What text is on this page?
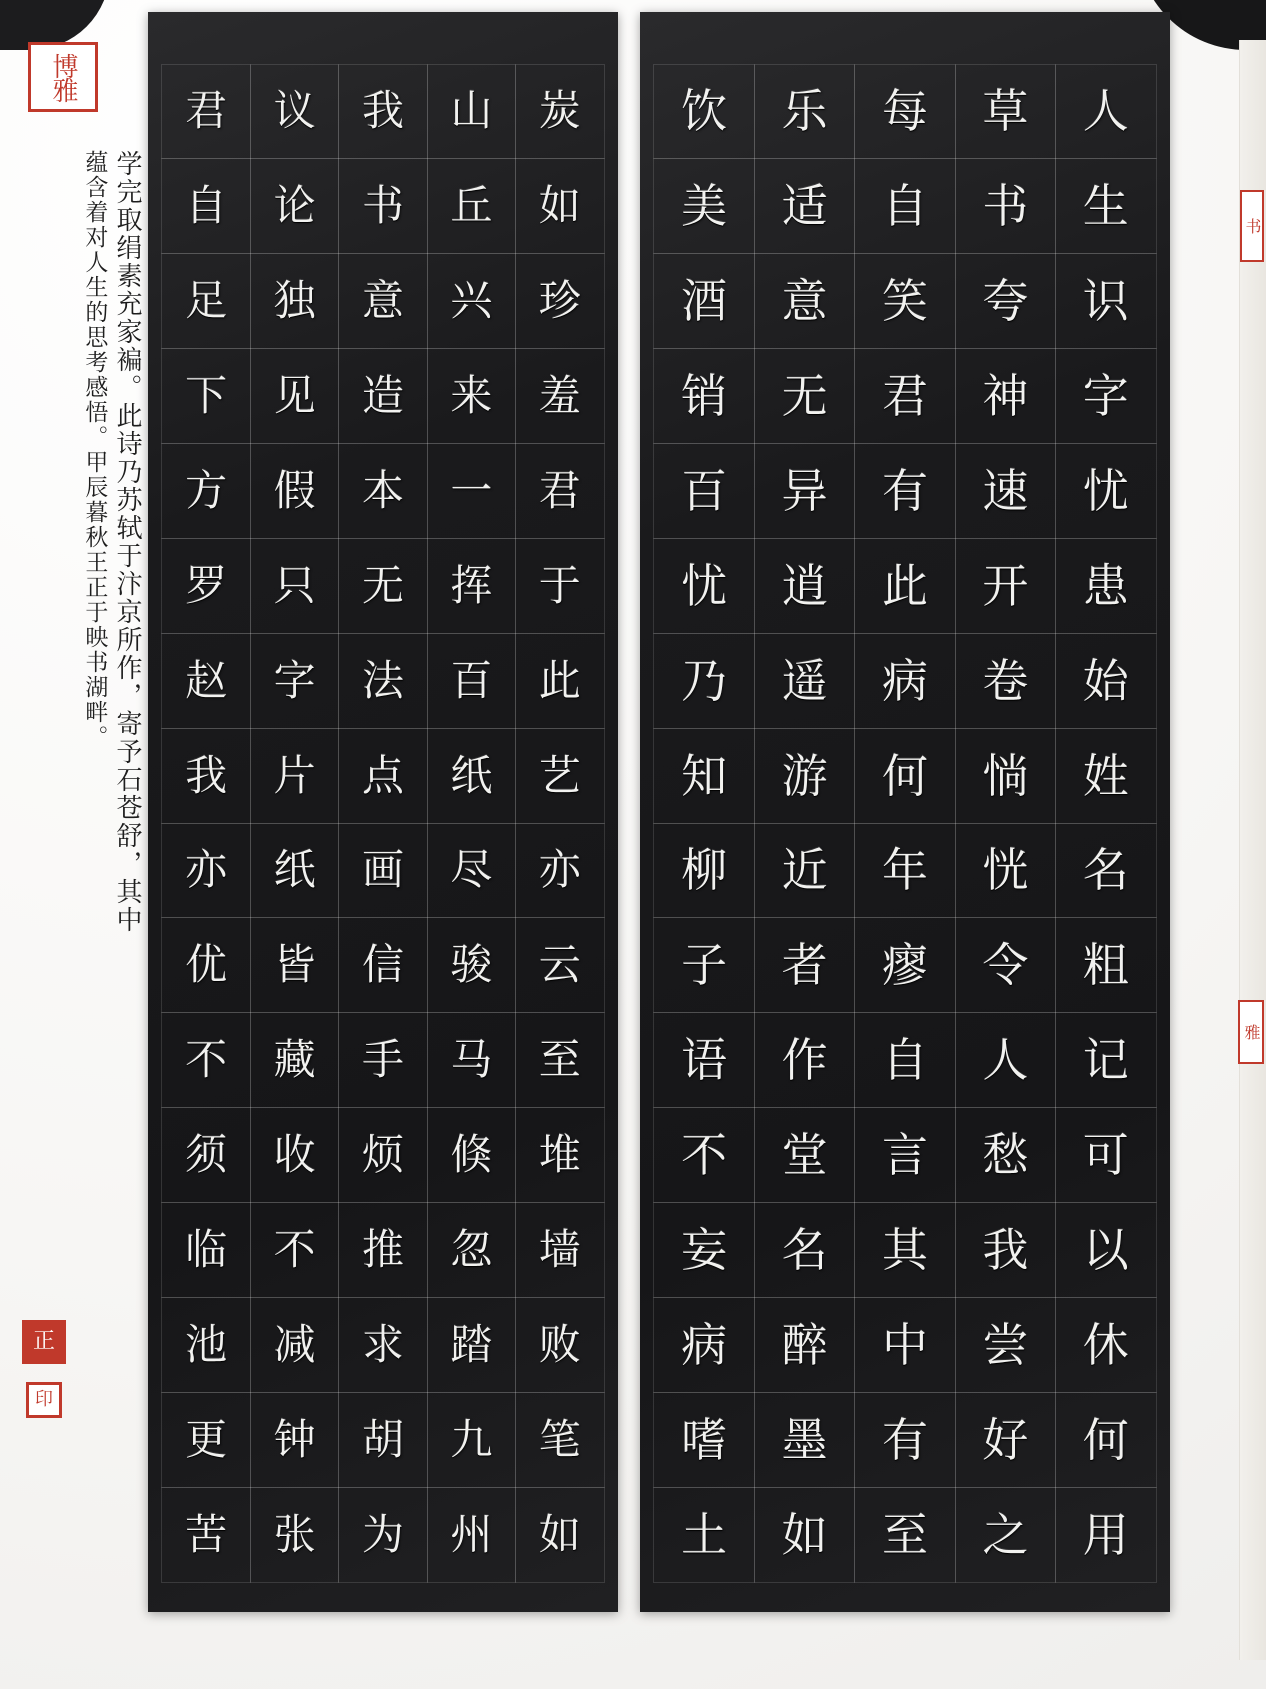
炭
如
珍
羞
君
于
此
艺
亦
云
至
堆
墙
败
笔
如
山
丘
兴
来
一
挥
百
纸
尽
骏
马
倏
忽
踏
九
州
我
书
意
造
本
无
法
点
画
信
手
烦
推
求
胡
为
议
论
独
见
假
只
字
片
纸
皆
藏
收
不
减
钟
张
君
自
足
下
方
罗
赵
我
亦
优
不
须
临
池
更
苦
人
生
识
字
忧
患
始
姓
名
粗
记
可
以
休
何
用
草
书
夸
神
速
开
卷
惝
恍
令
人
愁
我
尝
好
之
每
自
笑
君
有
此
病
何
年
瘳
自
言
其
中
有
至
乐
适
意
无
异
逍
遥
游
近
者
作
堂
名
醉
墨
如
饮
美
酒
销
百
忧
乃
知
柳
子
语
不
妄
病
嗜
土
学完取绢素充家褊。此诗乃苏轼于汴京所作，寄予石苍舒，其中
蕴含着对人生的思考感悟。甲辰暮秋王正于映书湖畔。
博雅
正
印
书
雅
